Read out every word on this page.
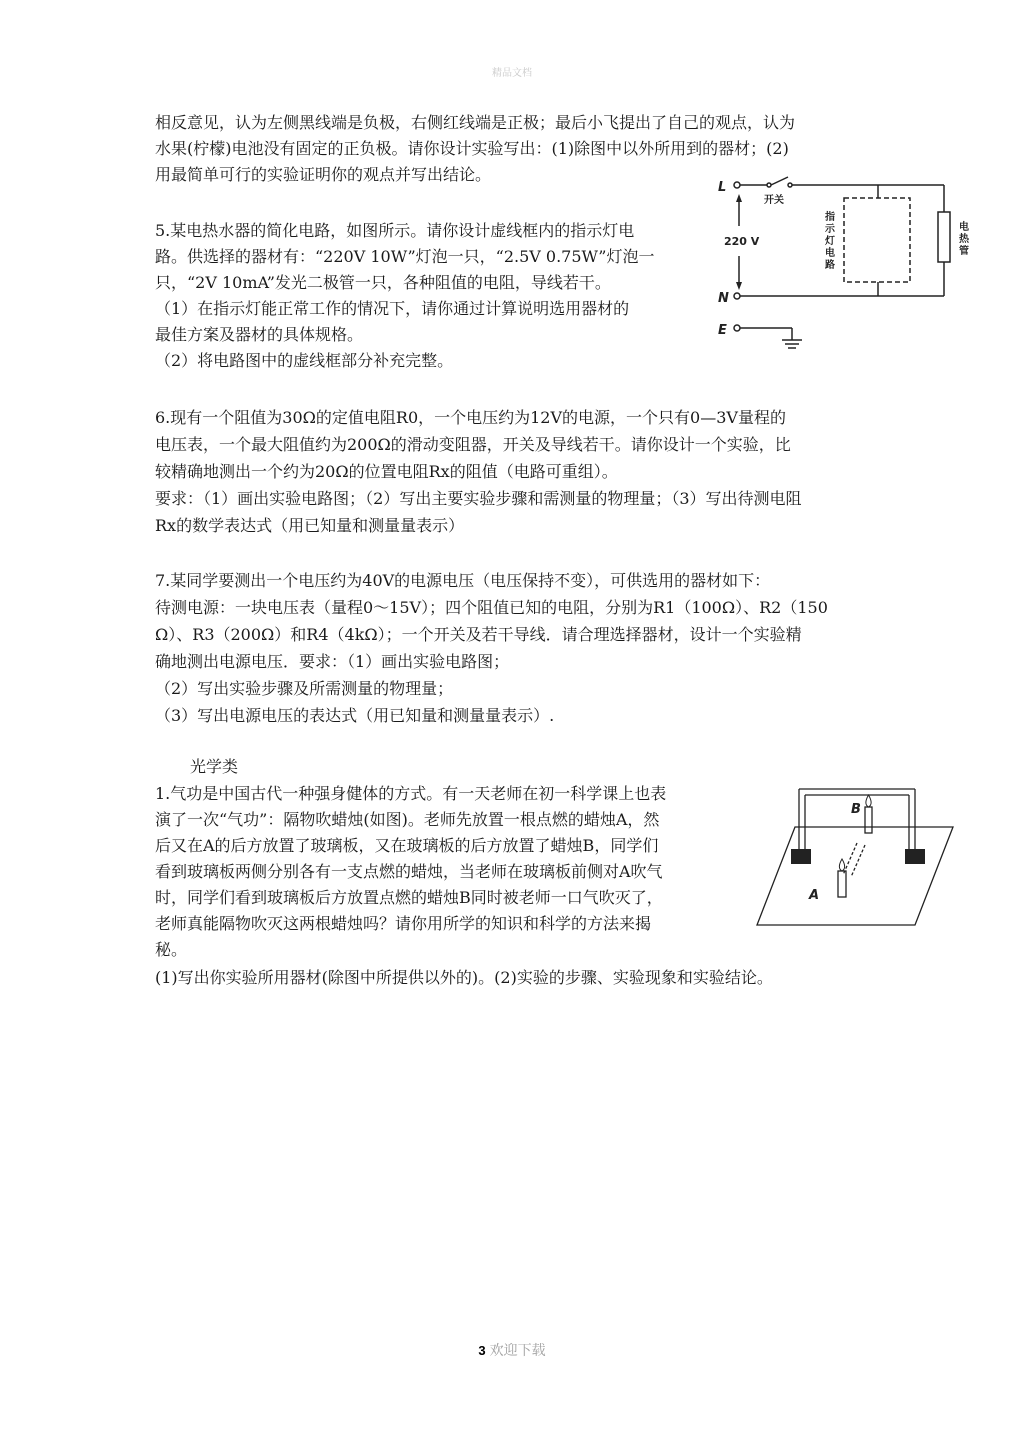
精品文档

相反意见，认为左侧黑线端是负极，右侧红线端是正极；最后小飞提出了自己的观点，认为

水果(柠檬)电池没有固定的正负极。请你设计实验写出：(1)除图中以外所用到的器材；(2)

用最简单可行的实验证明你的观点并写出结论。

5.某电热水器的简化电路，如图所示。请你设计虚线框内的指示灯电

路。供选择的器材有：“220V 10W”灯泡一只，“2.5V 0.75W”灯泡一

只，“2V 10mA”发光二极管一只，各种阻值的电阻，导线若干。

（1）在指示灯能正常工作的情况下，请你通过计算说明选用器材的

最佳方案及器材的具体规格。

（2）将电路图中的虚线框部分补充完整。

L
N
E
220 V
开关
指
示
灯
电
路
电
热
管

6.现有一个阻值为30Ω的定值电阻R0，一个电压约为12V的电源，一个只有0—3V量程的

电压表，一个最大阻值约为200Ω的滑动变阻器，开关及导线若干。请你设计一个实验，比

较精确地测出一个约为20Ω的位置电阻Rx的阻值（电路可重组）。

要求：（1）画出实验电路图；（2）写出主要实验步骤和需测量的物理量；（3）写出待测电阻

Rx的数学表达式（用已知量和测量量表示）

7.某同学要测出一个电压约为40V的电源电压（电压保持不变），可供选用的器材如下：

待测电源：一块电压表（量程0～15V）；四个阻值已知的电阻，分别为R1（100Ω）、R2（150

Ω）、R3（200Ω）和R4（4kΩ）；一个开关及若干导线．请合理选择器材，设计一个实验精

确地测出电源电压．要求：（1）画出实验电路图；

（2）写出实验步骤及所需测量的物理量；

（3）写出电源电压的表达式（用已知量和测量量表示）.

光学类

1.气功是中国古代一种强身健体的方式。有一天老师在初一科学课上也表

演了一次“气功”：隔物吹蜡烛(如图)。老师先放置一根点燃的蜡烛A，然

后又在A的后方放置了玻璃板，又在玻璃板的后方放置了蜡烛B，同学们

看到玻璃板两侧分别各有一支点燃的蜡烛，当老师在玻璃板前侧对A吹气

时，同学们看到玻璃板后方放置点燃的蜡烛B同时被老师一口气吹灭了，

老师真能隔物吹灭这两根蜡烛吗？请你用所学的知识和科学的方法来揭

秘。

(1)写出你实验所用器材(除图中所提供以外的)。(2)实验的步骤、实验现象和实验结论。

B
A
3 欢迎下载
